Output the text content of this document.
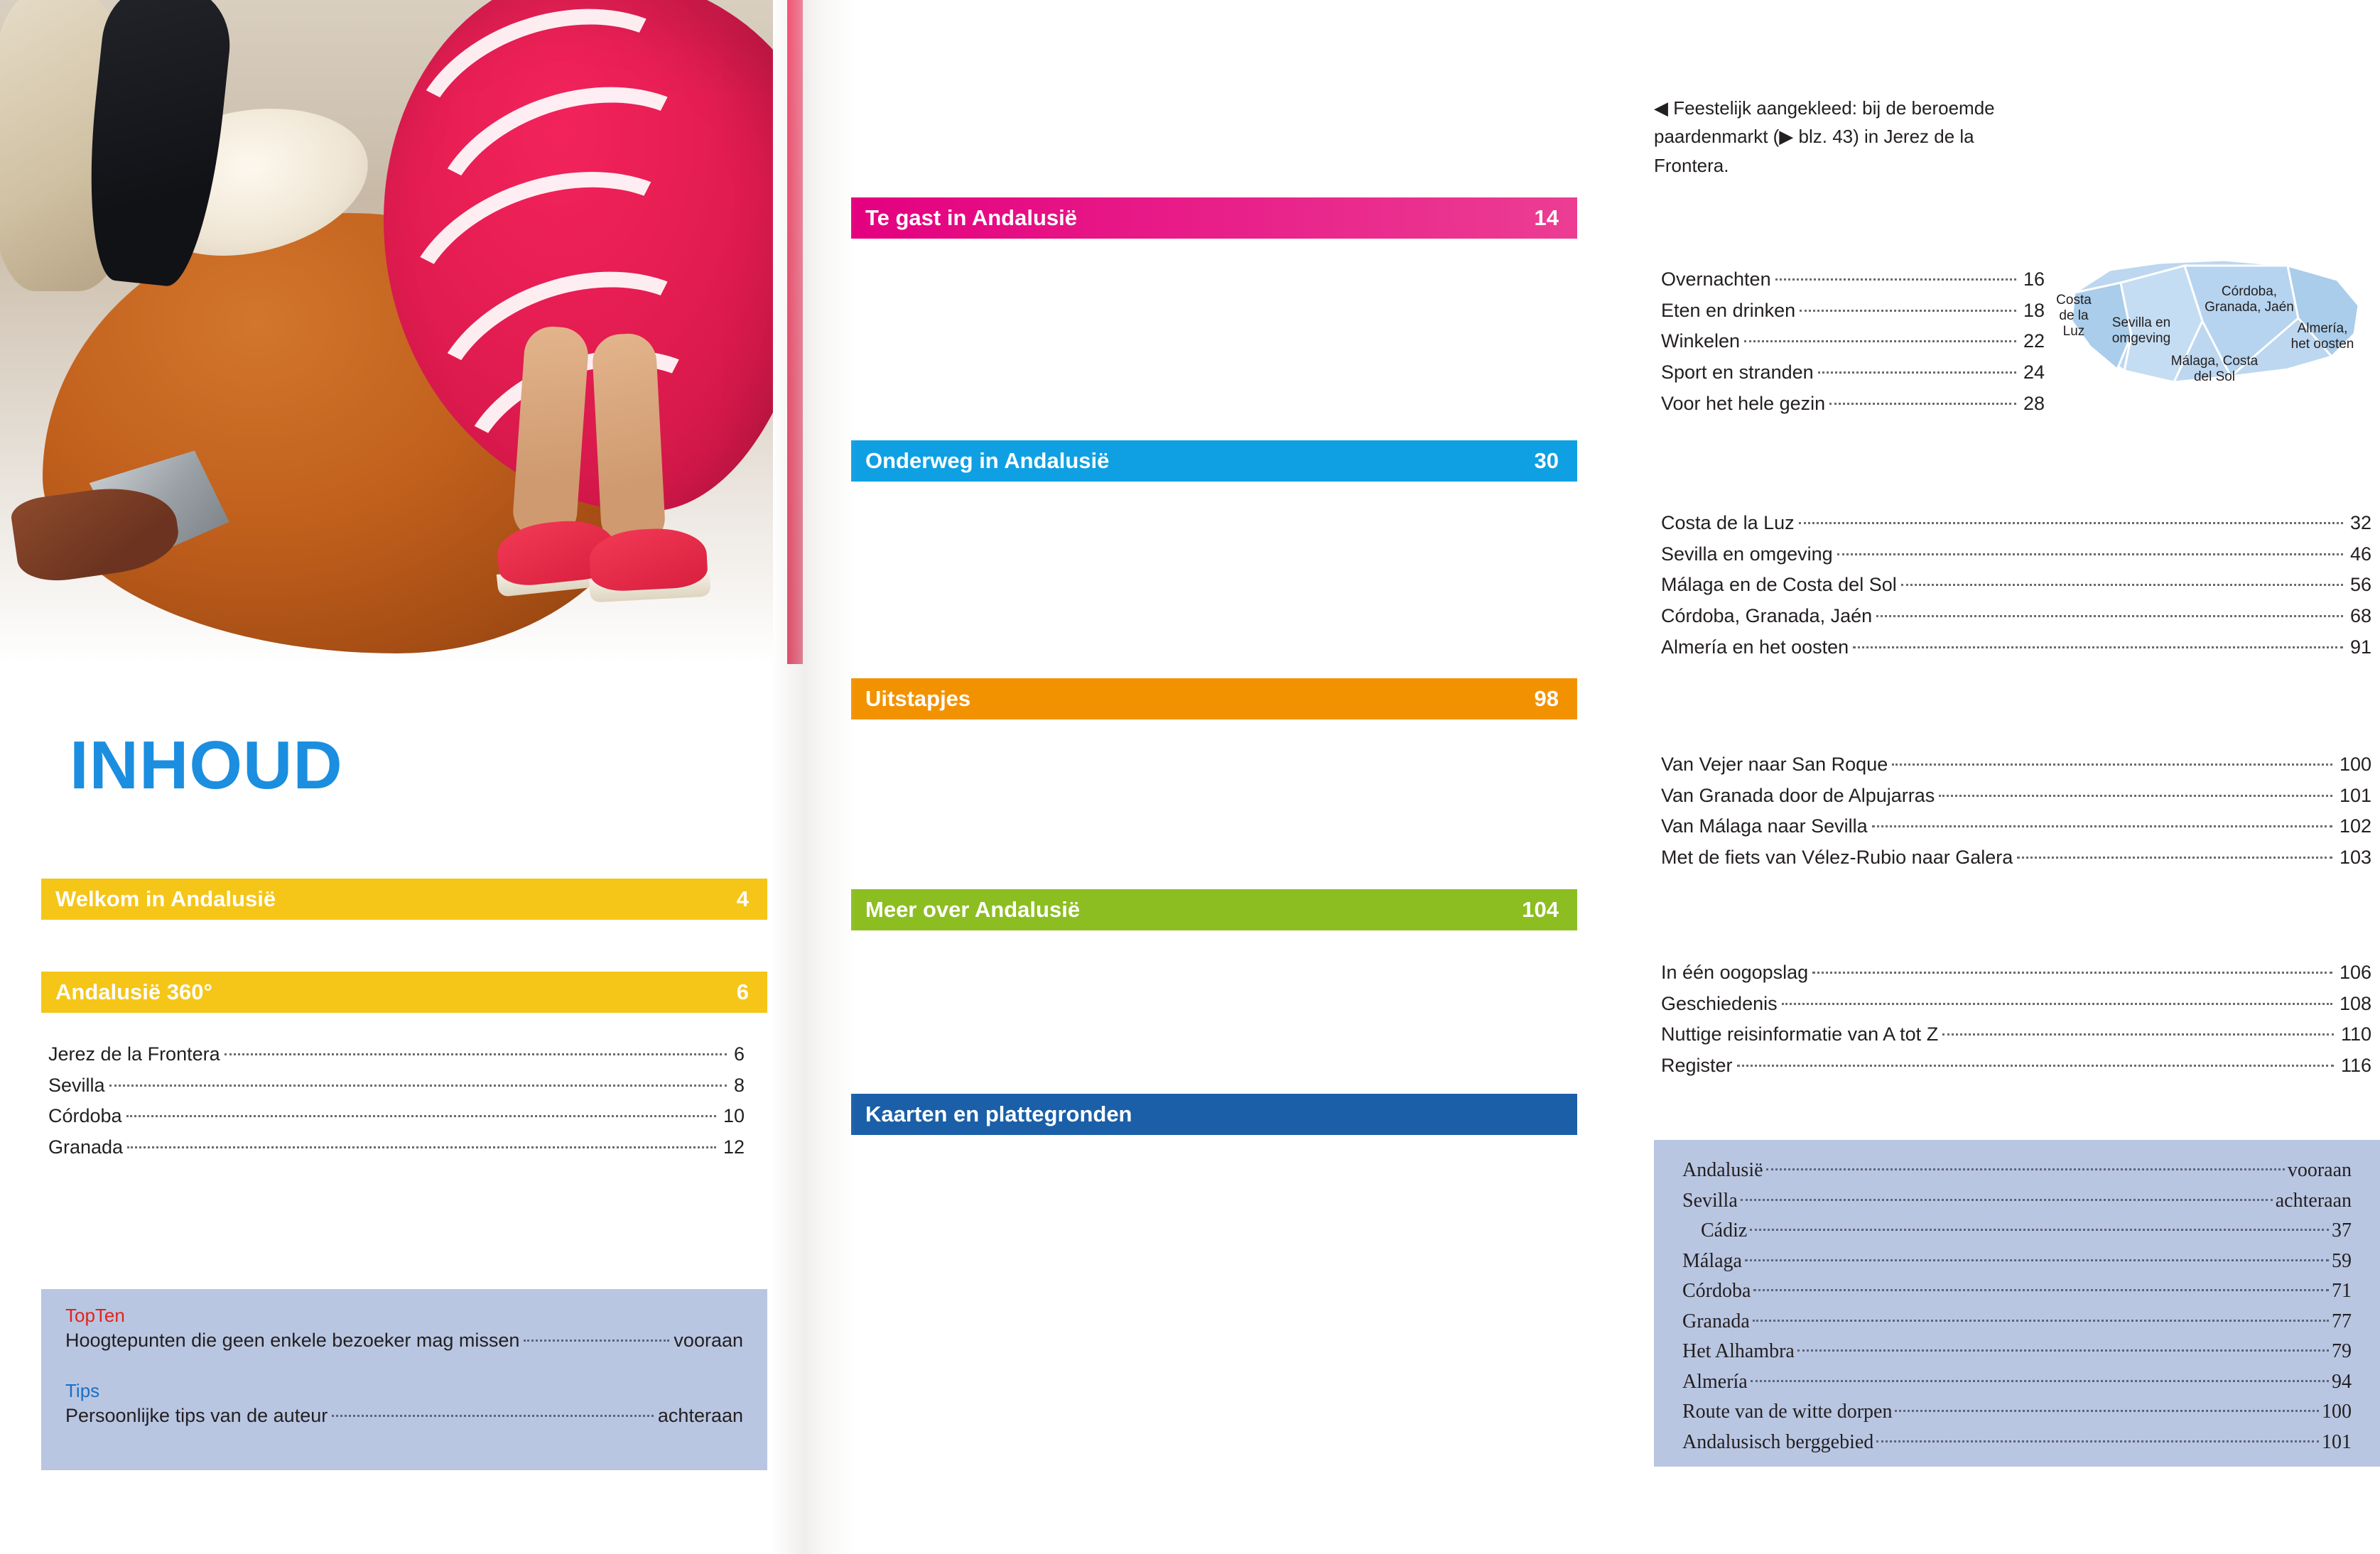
INHOUD
Welkom in Andalusië	4
Andalusië 360°	6
Jerez de la Frontera	6
Sevilla	8
Córdoba	10
Granada	12
TopTen
Hoogtepunten die geen enkele bezoeker mag missen	vooraan
Tips
Persoonlijke tips van de auteur	achteraan
◀ Feestelijk aangekleed: bij de beroemde paardenmarkt (▶ blz. 43) in Jerez de la Frontera.
Te gast in Andalusië	14
Overnachten	16
Eten en drinken	18
Winkelen	22
Sport en stranden	24
Voor het hele gezin	28
Costa de la Luz
Sevilla en omgeving
Córdoba, Granada, Jaén
Málaga, Costa del Sol
Almería, het oosten
Onderweg in Andalusië	30
Costa de la Luz	32
Sevilla en omgeving	46
Málaga en de Costa del Sol	56
Córdoba, Granada, Jaén	68
Almería en het oosten	91
Uitstapjes	98
Van Vejer naar San Roque	100
Van Granada door de Alpujarras	101
Van Málaga naar Sevilla	102
Met de fiets van Vélez-Rubio naar Galera	103
Meer over Andalusië	104
In één oogopslag	106
Geschiedenis	108
Nuttige reisinformatie van A tot Z	110
Register	116
Kaarten en plattegronden
Andalusië	vooraan
Sevilla	achteraan
Cádiz	37
Málaga	59
Córdoba	71
Granada	77
Het Alhambra	79
Almería	94
Route van de witte dorpen	100
Andalusisch berggebied	101
